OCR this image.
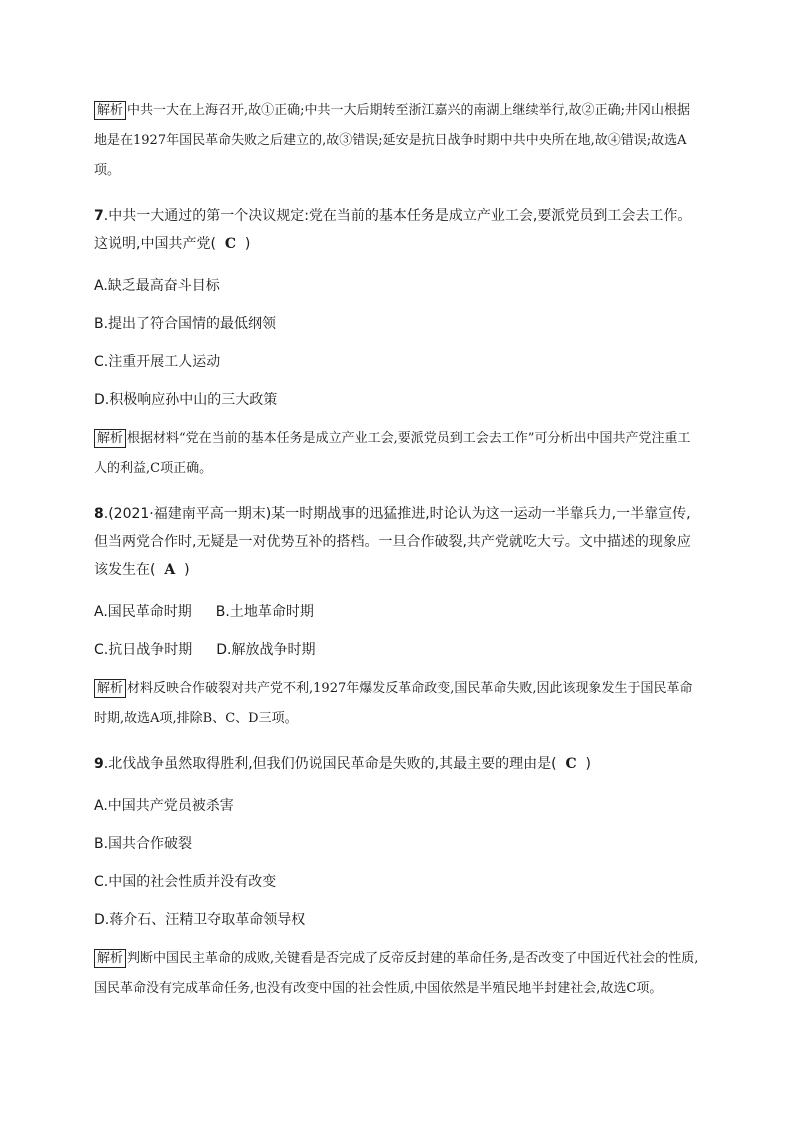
解析 中共一大在上海召开,故①正确;中共一大后期转至浙江嘉兴的南湖上继续举行,故②正确;井冈山根据地是在1927年国民革命失败之后建立的,故③错误;延安是抗日战争时期中共中央所在地,故④错误;故选A项。

7.中共一大通过的第一个决议规定:党在当前的基本任务是成立产业工会,要派党员到工会去工作。这说明,中国共产党( C )

A.缺乏最高奋斗目标

B.提出了符合国情的最低纲领

C.注重开展工人运动

D.积极响应孙中山的三大政策

解析 根据材料“党在当前的基本任务是成立产业工会,要派党员到工会去工作”可分析出中国共产党注重工人的利益,C项正确。

8.(2021·福建南平高一期末)某一时期战事的迅猛推进,时论认为这一运动一半靠兵力,一半靠宣传,但当两党合作时,无疑是一对优势互补的搭档。一旦合作破裂,共产党就吃大亏。文中描述的现象应该发生在( A )

A.国民革命时期 B.土地革命时期

C.抗日战争时期 D.解放战争时期

解析 材料反映合作破裂对共产党不利,1927年爆发反革命政变,国民革命失败,因此该现象发生于国民革命时期,故选A项,排除B、C、D三项。

9.北伐战争虽然取得胜利,但我们仍说国民革命是失败的,其最主要的理由是( C )

A.中国共产党员被杀害

B.国共合作破裂

C.中国的社会性质并没有改变

D.蒋介石、汪精卫夺取革命领导权

解析 判断中国民主革命的成败,关键看是否完成了反帝反封建的革命任务,是否改变了中国近代社会的性质,国民革命没有完成革命任务,也没有改变中国的社会性质,中国依然是半殖民地半封建社会,故选C项。
